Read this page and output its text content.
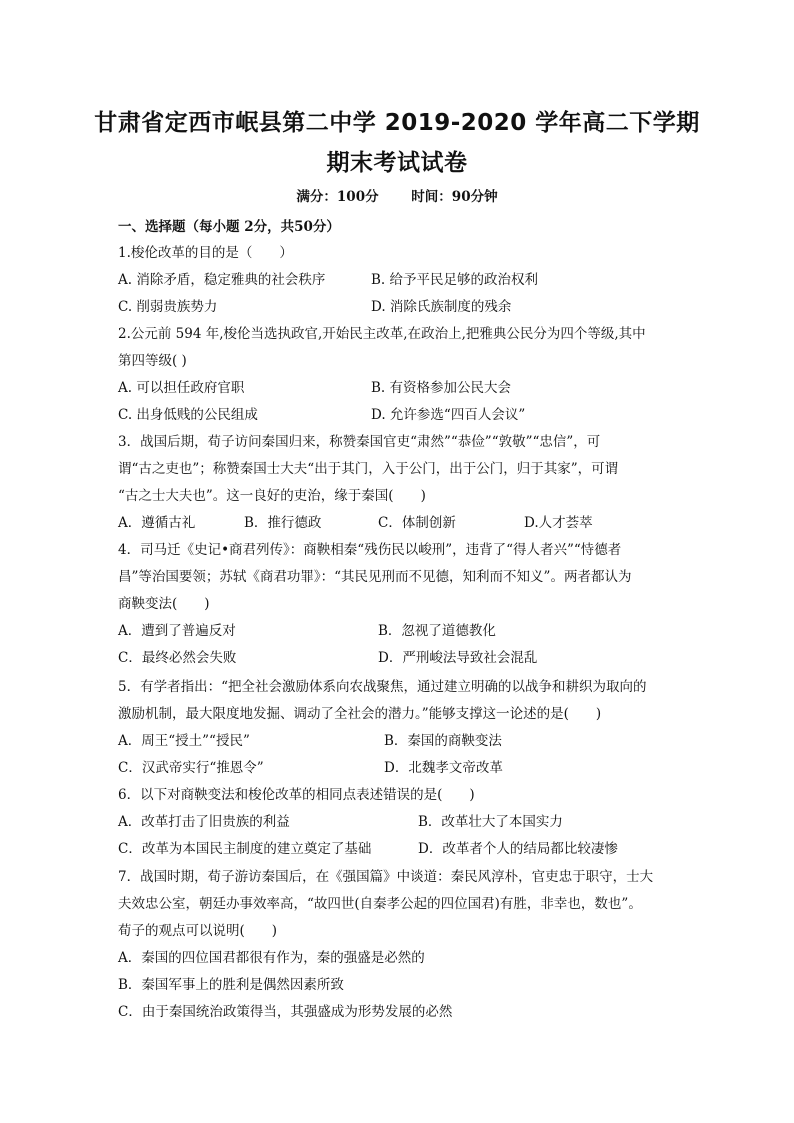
甘肃省定西市岷县第二中学 2019-2020 学年高二下学期
期末考试试卷
满分：100分 时间：90分钟
一、选择题（每小题 2分，共50分）
1.梭伦改革的目的是（　　）
A. 消除矛盾，稳定雅典的社会秩序	B. 给予平民足够的政治权利
C. 削弱贵族势力	D. 消除氏族制度的残余
2.公元前 594 年,梭伦当选执政官,开始民主改革,在政治上,把雅典公民分为四个等级,其中
第四等级( )
A. 可以担任政府官职	B. 有资格参加公民大会
C. 出身低贱的公民组成	D. 允许参选“四百人会议”
3．战国后期，荀子访问秦国归来，称赞秦国官吏“肃然”“恭俭”“敦敬”“忠信”，可
谓“古之吏也”；称赞秦国士大夫“出于其门，入于公门，出于公门，归于其家”，可谓
“古之士大夫也”。这一良好的吏治，缘于秦国(　　)
A．遵循古礼	B．推行德政	C．体制创新	D.人才荟萃
4．司马迁《史记•商君列传》：商鞅相秦“残伤民以峻刑”，违背了“得人者兴”“恃德者
昌”等治国要领；苏轼《商君功罪》：“其民见刑而不见德，知利而不知义”。两者都认为
商鞅变法(　　)
A．遭到了普遍反对	B．忽视了道德教化
C．最终必然会失败	D．严刑峻法导致社会混乱
5．有学者指出：“把全社会激励体系向农战聚焦，通过建立明确的以战争和耕织为取向的
激励机制，最大限度地发掘、调动了全社会的潜力。”能够支撑这一论述的是(　　)
A．周王“授土”“授民”	B．秦国的商鞅变法
C．汉武帝实行“推恩令”	D．北魏孝文帝改革
6．以下对商鞅变法和梭伦改革的相同点表述错误的是(　　)
A．改革打击了旧贵族的利益	B．改革壮大了本国实力
C．改革为本国民主制度的建立奠定了基础	D．改革者个人的结局都比较凄惨
7．战国时期，荀子游访秦国后，在《强国篇》中谈道：秦民风淳朴，官吏忠于职守，士大
夫效忠公室，朝廷办事效率高，“故四世(自秦孝公起的四位国君)有胜，非幸也，数也”。
荀子的观点可以说明(　　)
A．秦国的四位国君都很有作为，秦的强盛是必然的
B．秦国军事上的胜利是偶然因素所致
C．由于秦国统治政策得当，其强盛成为形势发展的必然
